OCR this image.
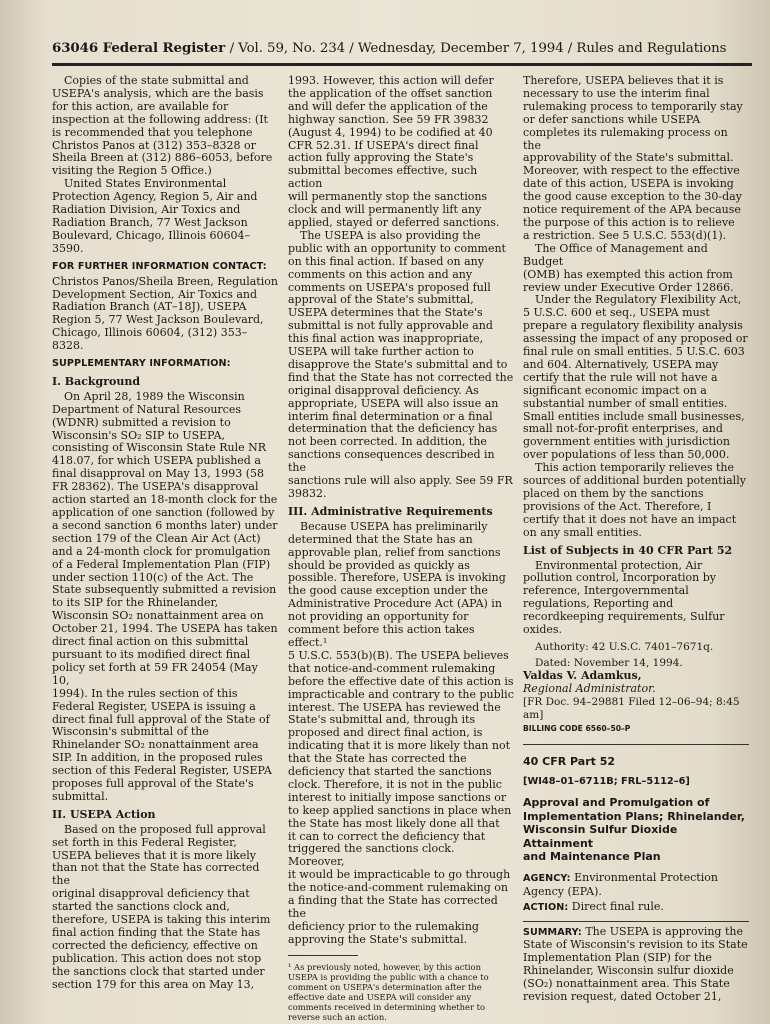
63046 Federal Register / Vol. 59, No. 234 / Wednesday, December 7, 1994 / Rules and Regulations

Copies of the state submittal and
USEPA's analysis, which are the basis
for this action, are available for
inspection at the following address: (It
is recommended that you telephone
Christos Panos at (312) 353–8328 or
Sheila Breen at (312) 886–6053, before
visiting the Region 5 Office.)

United States Environmental
Protection Agency, Region 5, Air and
Radiation Division, Air Toxics and
Radiation Branch, 77 West Jackson
Boulevard, Chicago, Illinois 60604–
3590.

FOR FURTHER INFORMATION CONTACT:

Christos Panos/Sheila Breen, Regulation
Development Section, Air Toxics and
Radiation Branch (AT–18J), USEPA
Region 5, 77 West Jackson Boulevard,
Chicago, Illinois 60604, (312) 353–8328.

SUPPLEMENTARY INFORMATION:
I. Background

On April 28, 1989 the Wisconsin
Department of Natural Resources
(WDNR) submitted a revision to
Wisconsin's SO₂ SIP to USEPA,
consisting of Wisconsin State Rule NR
418.07, for which USEPA published a
final disapproval on May 13, 1993 (58
FR 28362). The USEPA's disapproval
action started an 18-month clock for the
application of one sanction (followed by
a second sanction 6 months later) under
section 179 of the Clean Air Act (Act)
and a 24-month clock for promulgation
of a Federal Implementation Plan (FIP)
under section 110(c) of the Act. The
State subsequently submitted a revision
to its SIP for the Rhinelander,
Wisconsin SO₂ nonattainment area on
October 21, 1994. The USEPA has taken
direct final action on this submittal
pursuant to its modified direct final
policy set forth at 59 FR 24054 (May 10,
1994). In the rules section of this
Federal Register, USEPA is issuing a
direct final full approval of the State of
Wisconsin's submittal of the
Rhinelander SO₂ nonattainment area
SIP. In addition, in the proposed rules
section of this Federal Register, USEPA
proposes full approval of the State's
submittal.

II. USEPA Action

Based on the proposed full approval
set forth in this Federal Register,
USEPA believes that it is more likely
than not that the State has corrected the
original disapproval deficiency that
started the sanctions clock and,
therefore, USEPA is taking this interim
final action finding that the State has
corrected the deficiency, effective on
publication. This action does not stop
the sanctions clock that started under
section 179 for this area on May 13,

1993. However, this action will defer
the application of the offset sanction
and will defer the application of the
highway sanction. See 59 FR 39832
(August 4, 1994) to be codified at 40
CFR 52.31. If USEPA's direct final
action fully approving the State's
submittal becomes effective, such action
will permanently stop the sanctions
clock and will permanently lift any
applied, stayed or deferred sanctions.

The USEPA is also providing the
public with an opportunity to comment
on this final action. If based on any
comments on this action and any
comments on USEPA's proposed full
approval of the State's submittal,
USEPA determines that the State's
submittal is not fully approvable and
this final action was inappropriate,
USEPA will take further action to
disapprove the State's submittal and to
find that the State has not corrected the
original disapproval deficiency. As
appropriate, USEPA will also issue an
interim final determination or a final
determination that the deficiency has
not been corrected. In addition, the
sanctions consequences described in the
sanctions rule will also apply. See 59 FR
39832.

III. Administrative Requirements

Because USEPA has preliminarily
determined that the State has an
approvable plan, relief from sanctions
should be provided as quickly as
possible. Therefore, USEPA is invoking
the good cause exception under the
Administrative Procedure Act (APA) in
not providing an opportunity for
comment before this action takes effect.¹
5 U.S.C. 553(b)(B). The USEPA believes
that notice-and-comment rulemaking
before the effective date of this action is
impracticable and contrary to the public
interest. The USEPA has reviewed the
State's submittal and, through its
proposed and direct final action, is
indicating that it is more likely than not
that the State has corrected the
deficiency that started the sanctions
clock. Therefore, it is not in the public
interest to initially impose sanctions or
to keep applied sanctions in place when
the State has most likely done all that
it can to correct the deficiency that
triggered the sanctions clock. Moreover,
it would be impracticable to go through
the notice-and-comment rulemaking on
a finding that the State has corrected the
deficiency prior to the rulemaking
approving the State's submittal.

¹ As previously noted, however, by this action
USEPA is providing the public with a chance to
comment on USEPA's determination after the
effective date and USEPA will consider any
comments received in determining whether to
reverse such an action.

Therefore, USEPA believes that it is
necessary to use the interim final
rulemaking process to temporarily stay
or defer sanctions while USEPA
completes its rulemaking process on the
approvability of the State's submittal.
Moreover, with respect to the effective
date of this action, USEPA is invoking
the good cause exception to the 30-day
notice requirement of the APA because
the purpose of this action is to relieve
a restriction. See 5 U.S.C. 553(d)(1).

The Office of Management and Budget
(OMB) has exempted this action from
review under Executive Order 12866.

Under the Regulatory Flexibility Act,
5 U.S.C. 600 et seq., USEPA must
prepare a regulatory flexibility analysis
assessing the impact of any proposed or
final rule on small entities. 5 U.S.C. 603
and 604. Alternatively, USEPA may
certify that the rule will not have a
significant economic impact on a
substantial number of small entities.
Small entities include small businesses,
small not-for-profit enterprises, and
government entities with jurisdiction
over populations of less than 50,000.

This action temporarily relieves the
sources of additional burden potentially
placed on them by the sanctions
provisions of the Act. Therefore, I
certify that it does not have an impact
on any small entities.

List of Subjects in 40 CFR Part 52

Environmental protection, Air
pollution control, Incorporation by
reference, Intergovernmental
regulations, Reporting and
recordkeeping requirements, Sulfur
oxides.

Authority: 42 U.S.C. 7401–7671q.

Dated: November 14, 1994.

Valdas V. Adamkus,

Regional Administrator.

[FR Doc. 94–29881 Filed 12–06–94; 8:45 am]

BILLING CODE 6560–50–P
40 CFR Part 52
[WI48–01–6711B; FRL–5112–6]
Approval and Promulgation of
Implementation Plans; Rhinelander,
Wisconsin Sulfur Dioxide Attainment
and Maintenance Plan

AGENCY: Environmental Protection
Agency (EPA).

ACTION: Direct final rule.

SUMMARY: The USEPA is approving the
State of Wisconsin's revision to its State
Implementation Plan (SIP) for the
Rhinelander, Wisconsin sulfur dioxide
(SO₂) nonattainment area. This State
revision request, dated October 21,
